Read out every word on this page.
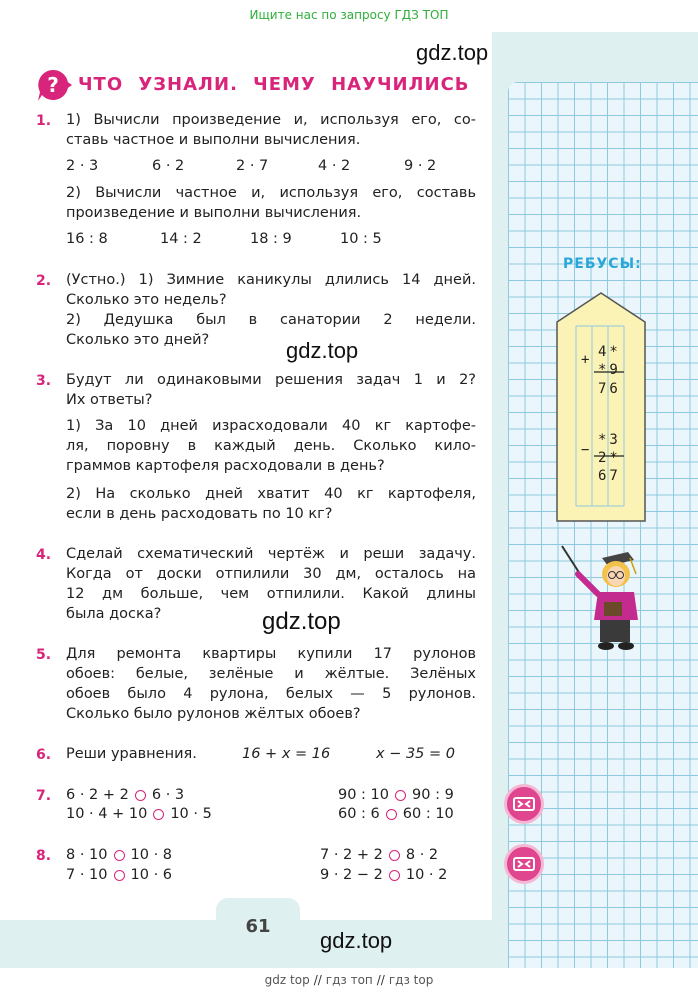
Ищите нас по запросу ГДЗ ТОП
gdz.top
gdz.top
gdz.top
gdz.top
? ЧТО УЗНАЛИ. ЧЕМУ НАУЧИЛИСЬ
1. 1) Вычисли произведение и, используя его, со-
ставь частное и выполни вычисления.
2 · 3	6 · 2	2 · 7	4 · 2	9 · 2
2) Вычисли частное и, используя его, составь
произведение и выполни вычисления.
16 : 8	14 : 2	18 : 9	10 : 5
2. (Устно.) 1) Зимние каникулы длились 14 дней.
Сколько это недель?
2) Дедушка был в санатории 2 недели.
Сколько это дней?
3. Будут ли одинаковыми решения задач 1 и 2?
Их ответы?
1) За 10 дней израсходовали 40 кг картофе-
ля, поровну в каждый день. Сколько кило-
граммов картофеля расходовали в день?
2) На сколько дней хватит 40 кг картофеля,
если в день расходовать по 10 кг?
4. Сделай схематический чертёж и реши задачу.
Когда от доски отпилили 30 дм, осталось на
12 дм больше, чем отпилили. Какой длины
была доска?
5. Для ремонта квартиры купили 17 рулонов
обоев: белые, зелёные и жёлтые. Зелёных
обоев было 4 рулона, белых — 5 рулонов.
Сколько было рулонов жёлтых обоев?
6. Реши уравнения.	16 + x = 16	x − 35 = 0
7. 6 · 2 + 2 6 · 3
10 · 4 + 10 10 · 5
90 : 10 90 : 9
60 : 6 60 : 10
8. 8 · 10 10 · 8
7 · 10 10 · 6
7 · 2 + 2 8 · 2
9 · 2 − 2 10 · 2
РЕБУСЫ:
+ 4*
*9
76
−
*3
2*
67
61
gdz top // гдз топ // гдз top
